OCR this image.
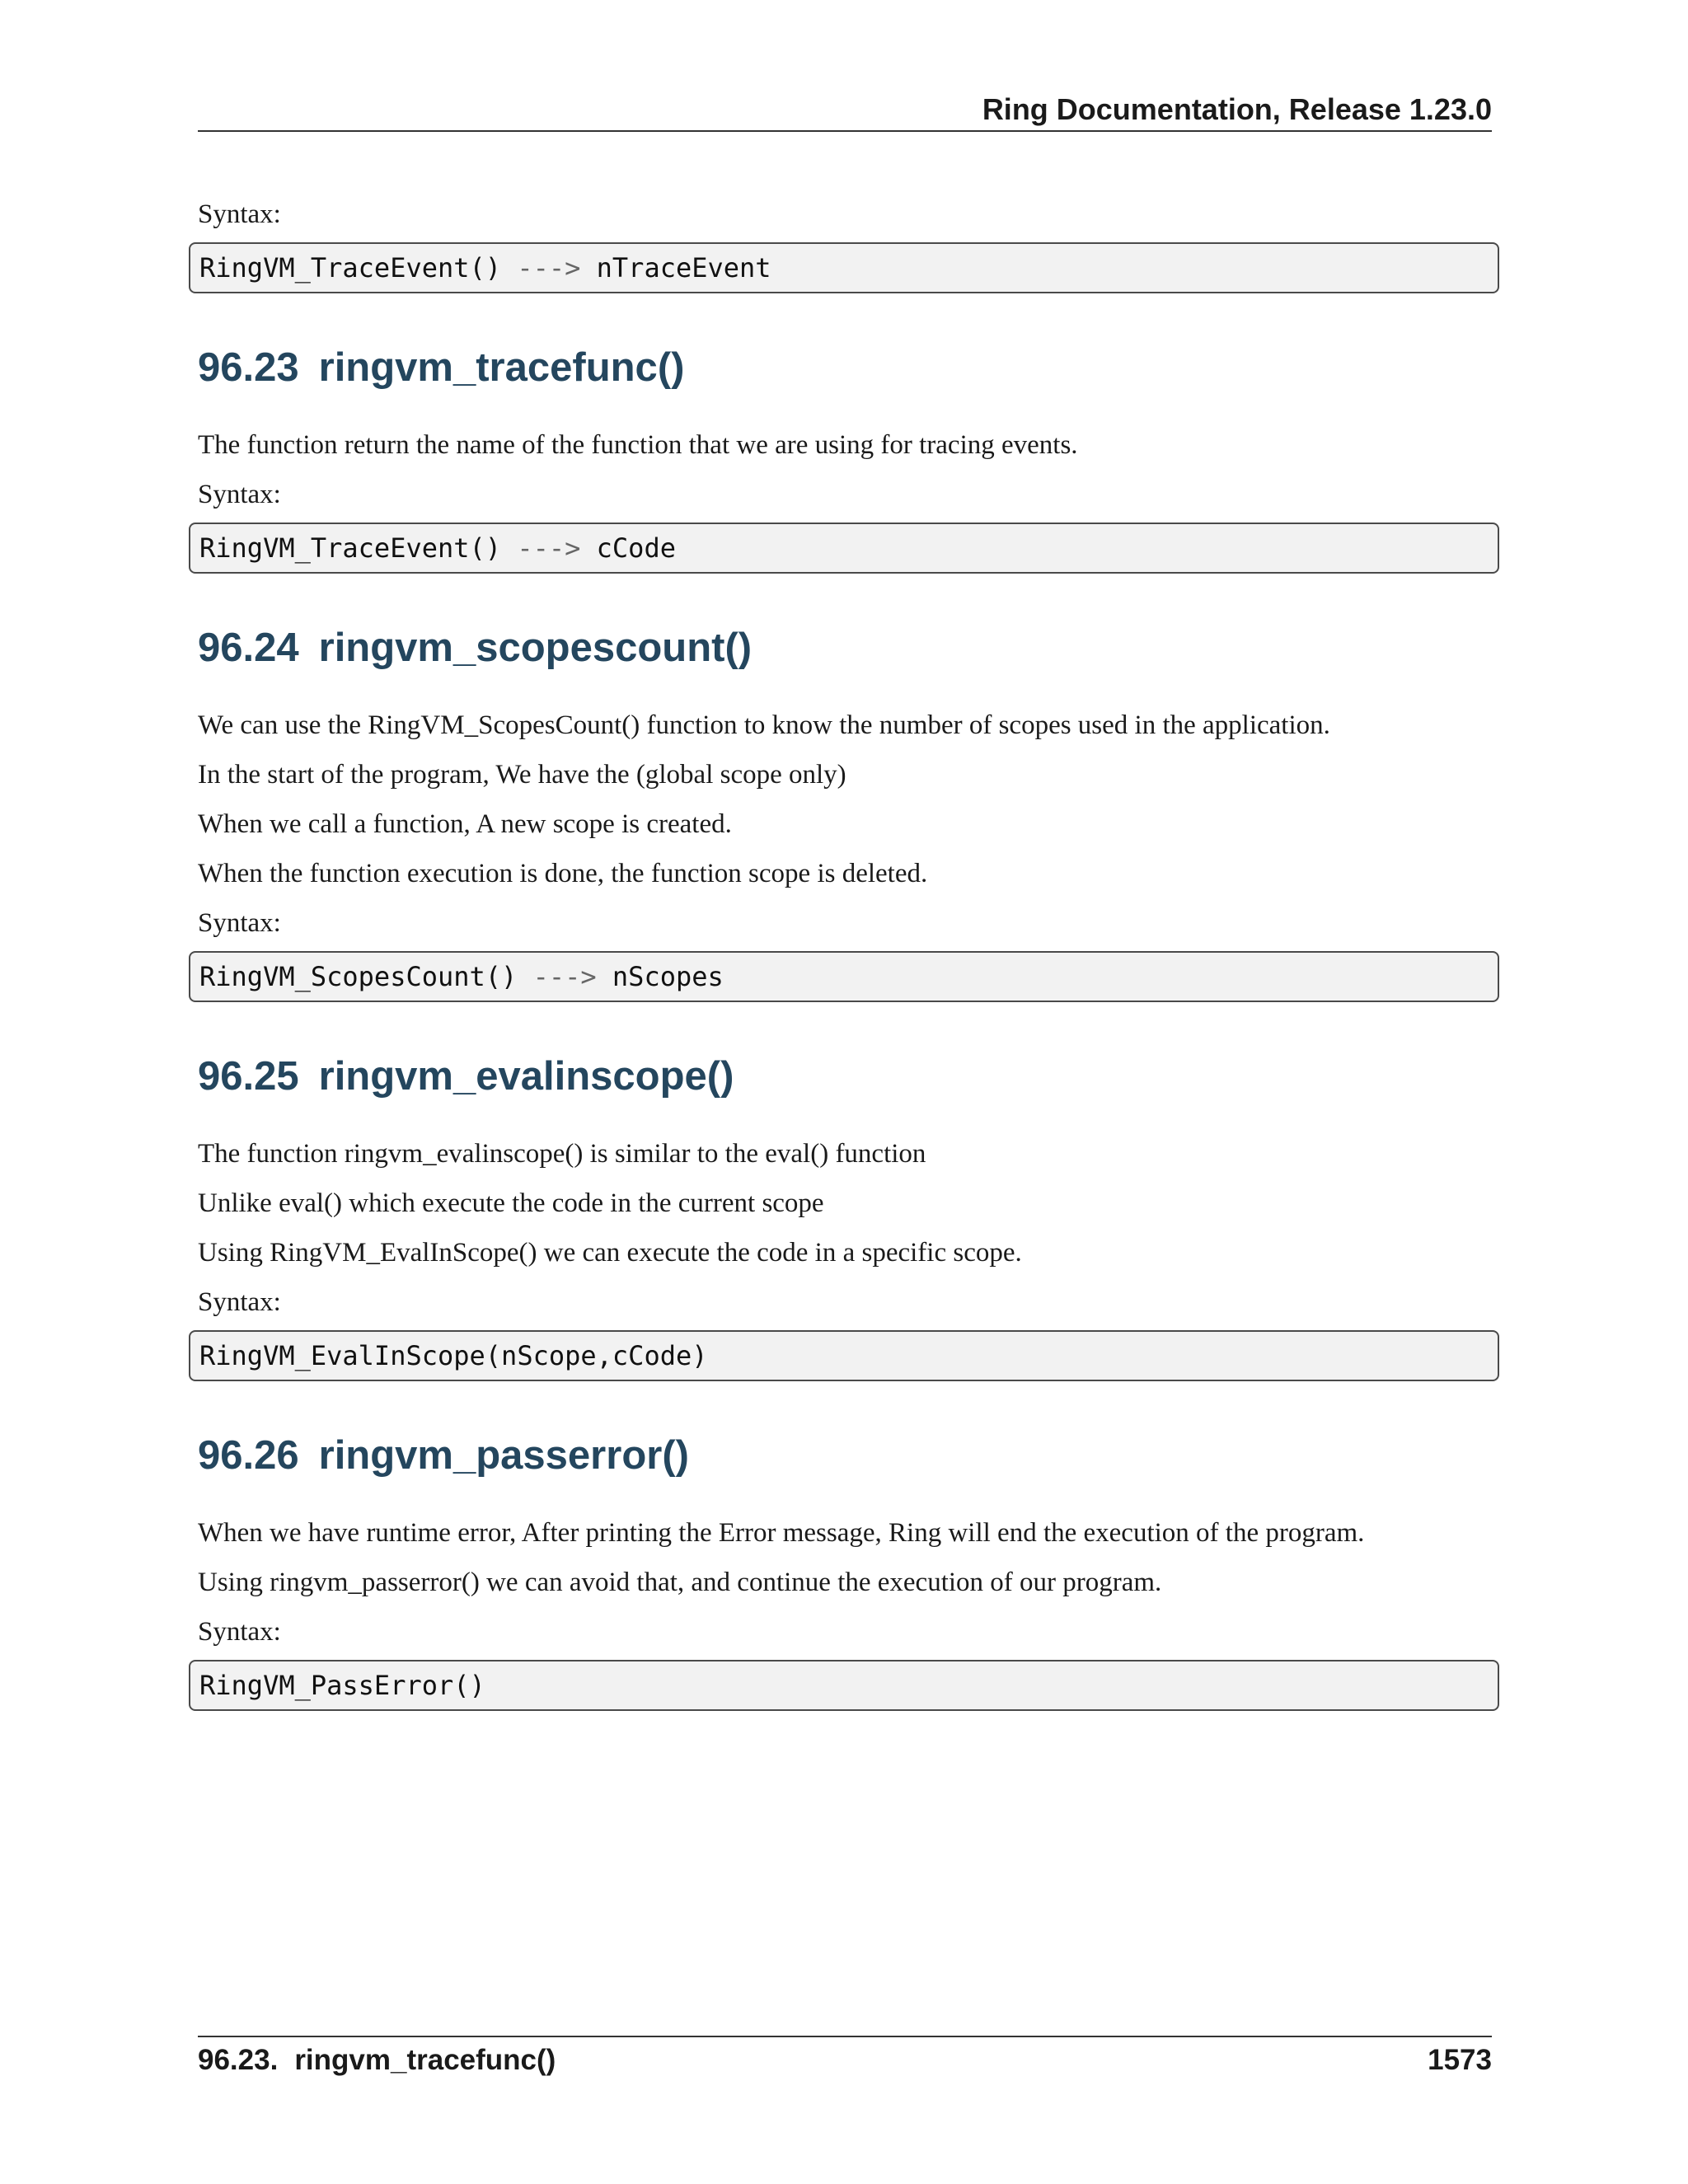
Ring Documentation, Release 1.23.0

Syntax:

RingVM_TraceEvent() ---> nTraceEvent
96.23 ringvm_tracefunc()

The function return the name of the function that we are using for tracing events.

Syntax:

RingVM_TraceEvent() ---> cCode
96.24 ringvm_scopescount()

We can use the RingVM_ScopesCount() function to know the number of scopes used in the application.

In the start of the program, We have the (global scope only)

When we call a function, A new scope is created.

When the function execution is done, the function scope is deleted.

Syntax:

RingVM_ScopesCount() ---> nScopes
96.25 ringvm_evalinscope()

The function ringvm_evalinscope() is similar to the eval() function

Unlike eval() which execute the code in the current scope

Using RingVM_EvalInScope() we can execute the code in a specific scope.

Syntax:

RingVM_EvalInScope(nScope,cCode)
96.26 ringvm_passerror()

When we have runtime error, After printing the Error message, Ring will end the execution of the program.

Using ringvm_passerror() we can avoid that, and continue the execution of our program.

Syntax:

RingVM_PassError()
96.23. ringvm_tracefunc()	1573
